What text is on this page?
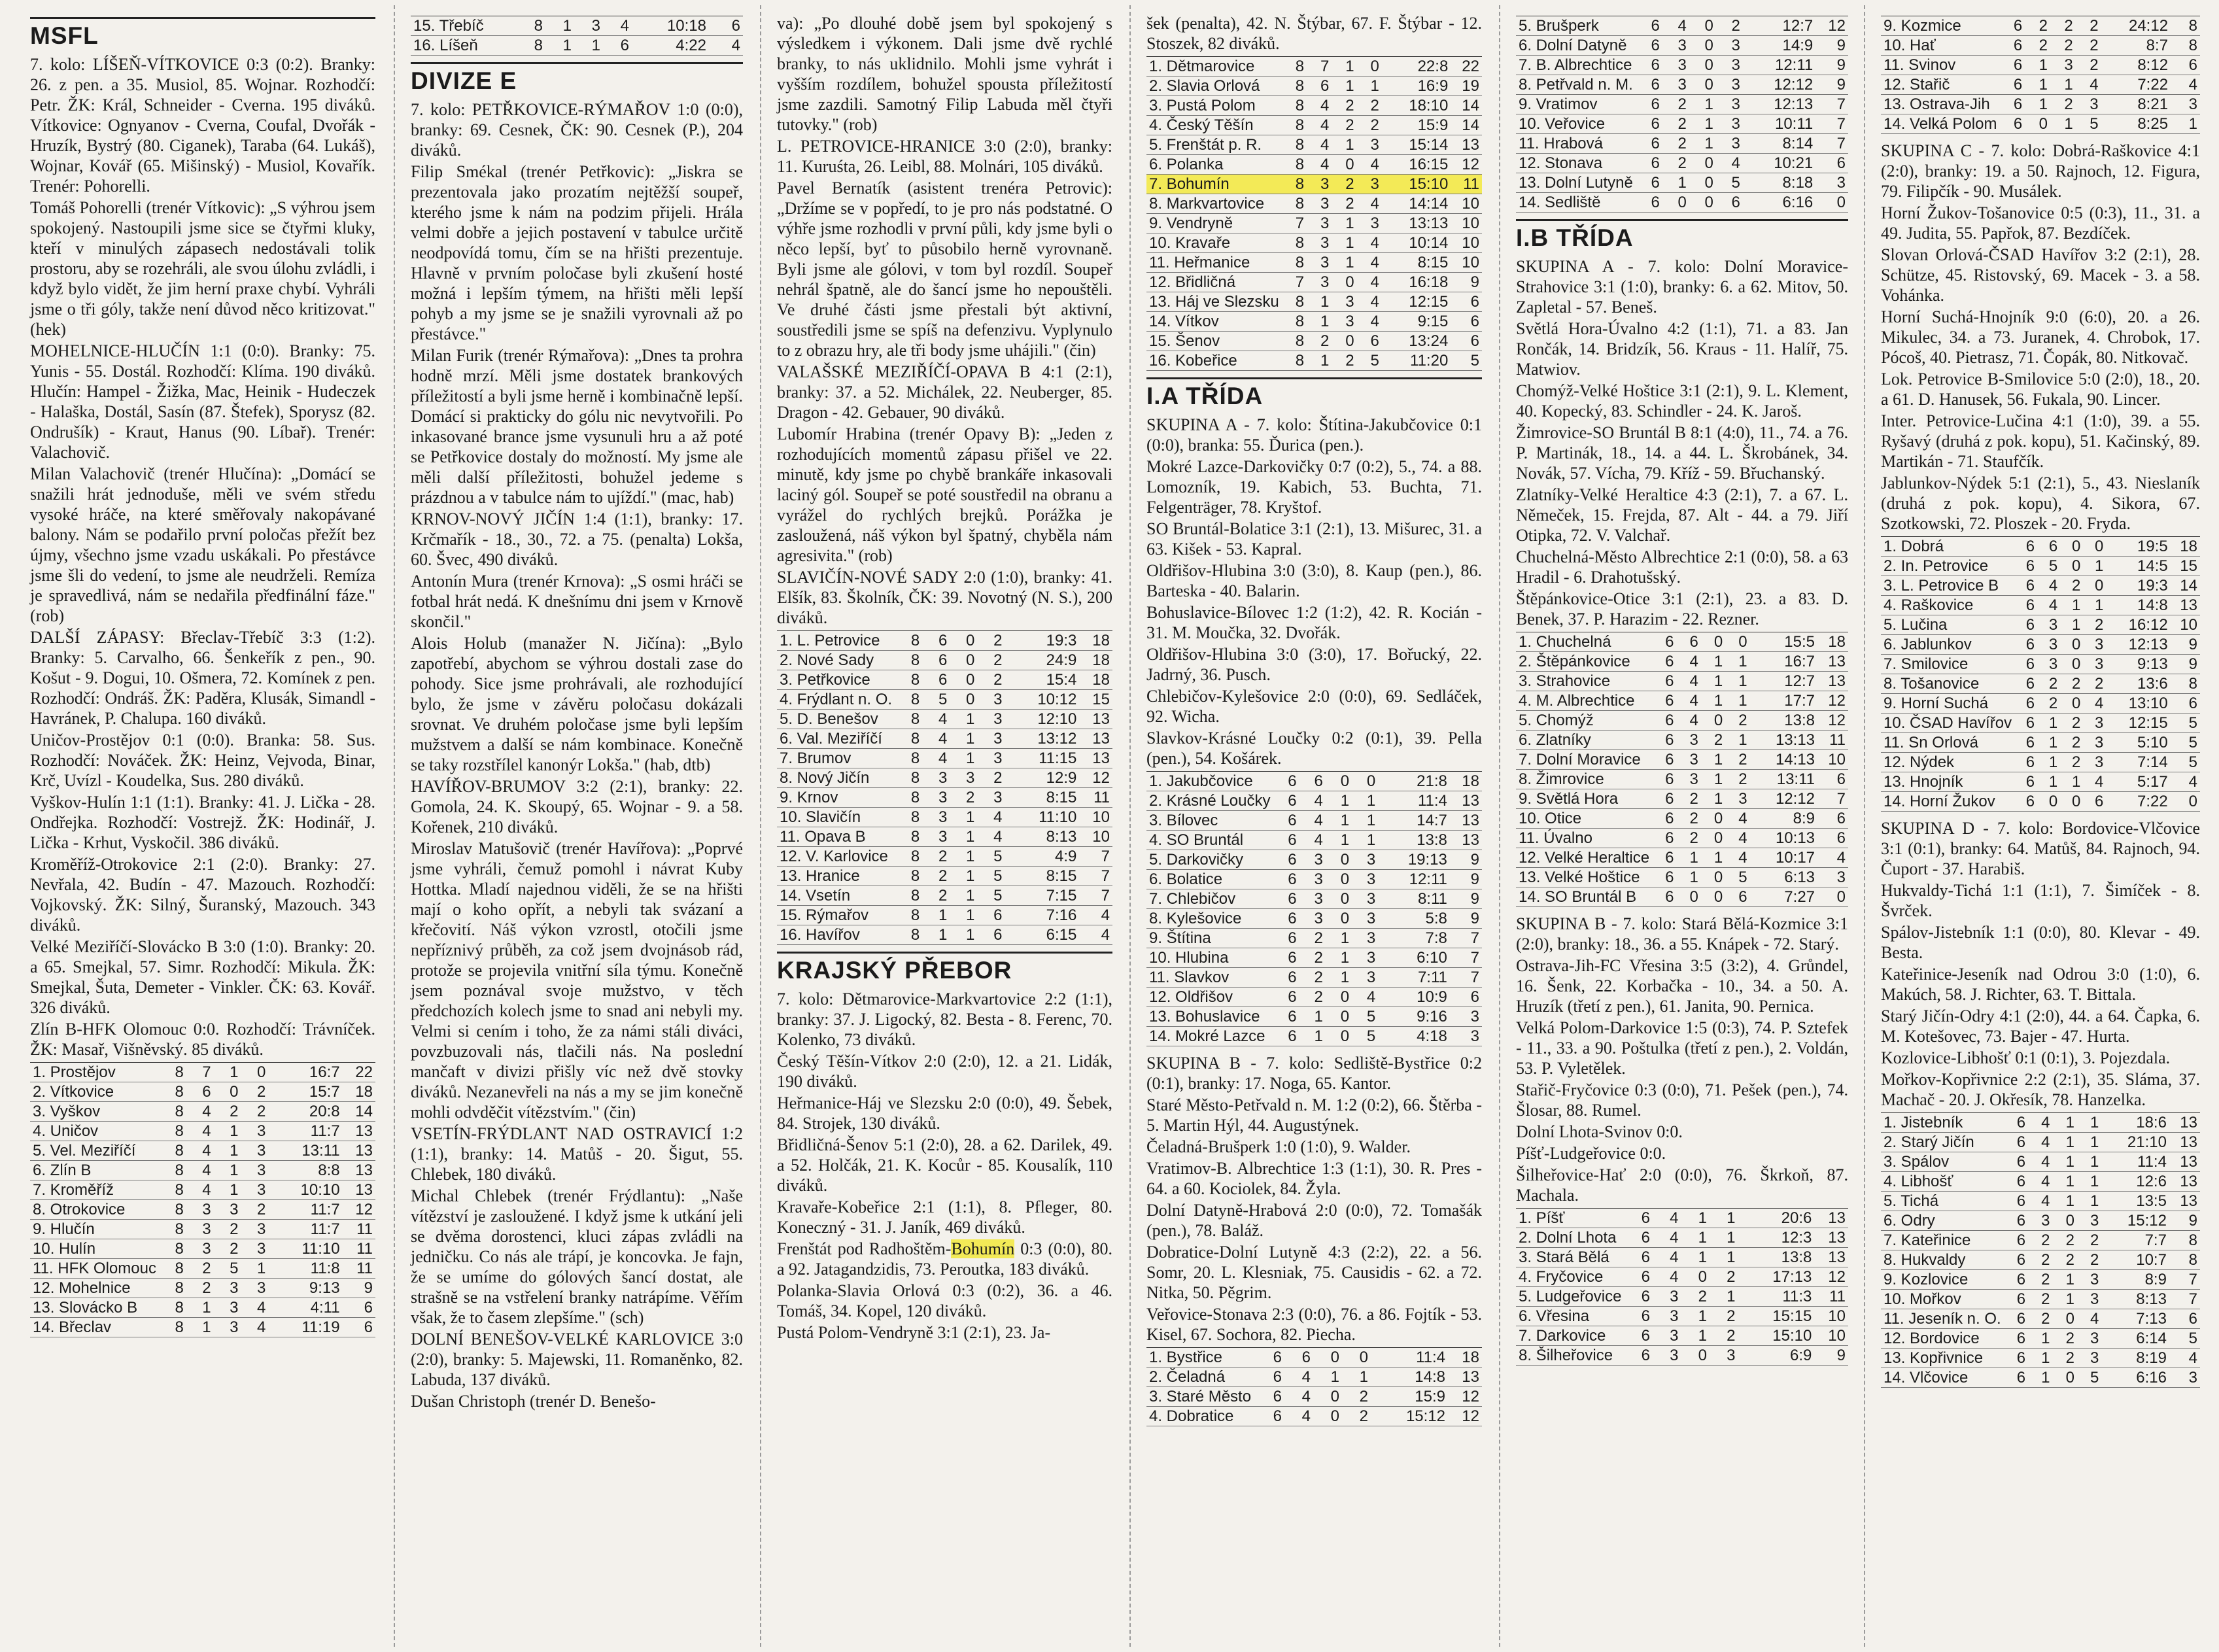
MSFL

7. kolo: LÍŠEŇ-VÍTKOVICE 0:3 (0:2). Branky: 26. z pen. a 35. Musiol, 85. Wojnar. Rozhodčí: Petr. ŽK: Král, Schneider - Cverna. 195 diváků. Vítkovice: Ognyanov - Cverna, Coufal, Dvořák - Hruzík, Bystrý (80. Ciganek), Taraba (64. Lukáš), Wojnar, Kovář (65. Mišinský) - Musiol, Kovařík. Trenér: Pohorelli.

Tomáš Pohorelli (trenér Vítkovic): „S výhrou jsem spokojený. Nastoupili jsme sice se čtyřmi kluky, kteří v minulých zápasech nedostávali tolik prostoru, aby se rozehráli, ale svou úlohu zvládli, i když bylo vidět, že jim herní praxe chybí. Vyhráli jsme o tři góly, takže není důvod něco kritizovat." (hek)

MOHELNICE-HLUČÍN 1:1 (0:0). Branky: 75. Yunis - 55. Dostál. Rozhodčí: Klíma. 190 diváků. Hlučín: Hampel - Žižka, Mac, Heinik - Hudeczek - Halaška, Dostál, Sasín (87. Štefek), Sporysz (82. Ondrušík) - Kraut, Hanus (90. Líbař). Trenér: Valachovič.

Milan Valachovič (trenér Hlučína): „Domácí se snažili hrát jednoduše, měli ve svém středu vysoké hráče, na které směřovaly nakopávané balony. Nám se podařilo první poločas přežít bez újmy, všechno jsme vzadu uskákali. Po přestávce jsme šli do vedení, to jsme ale neudrželi. Remíza je spravedlivá, nám se nedařila předfinální fáze." (rob)

DALŠÍ ZÁPASY: Břeclav-Třebíč 3:3 (1:2). Branky: 5. Carvalho, 66. Šenkeřík z pen., 90. Košut - 9. Dogui, 10. Ošmera, 72. Komínek z pen. Rozhodčí: Ondráš. ŽK: Paděra, Klusák, Simandl - Havránek, P. Chalupa. 160 diváků.

Uničov-Prostějov 0:1 (0:0). Branka: 58. Sus. Rozhodčí: Nováček. ŽK: Heinz, Vejvoda, Binar, Krč, Uvízl - Koudelka, Sus. 280 diváků.

Vyškov-Hulín 1:1 (1:1). Branky: 41. J. Lička - 28. Ondřejka. Rozhodčí: Vostrejž. ŽK: Hodinář, J. Lička - Krhut, Vyskočil. 386 diváků.

Kroměříž-Otrokovice 2:1 (2:0). Branky: 27. Nevřala, 42. Budín - 47. Mazouch. Rozhodčí: Vojkovský. ŽK: Silný, Šuranský, Mazouch. 343 diváků.

Velké Meziříčí-Slovácko B 3:0 (1:0). Branky: 20. a 65. Smejkal, 57. Simr. Rozhodčí: Mikula. ŽK: Smejkal, Šuta, Demeter - Vinkler. ČK: 63. Kovář. 326 diváků.

Zlín B-HFK Olomouc 0:0. Rozhodčí: Trávníček. ŽK: Masař, Višněvský. 85 diváků.

1. Prostějov	8	7	1	0	16:7	22
2. Vítkovice	8	6	0	2	15:7	18
3. Vyškov	8	4	2	2	20:8	14
4. Uničov	8	4	1	3	11:7	13
5. Vel. Meziříčí	8	4	1	3	13:11	13
6. Zlín B	8	4	1	3	8:8	13
7. Kroměříž	8	4	1	3	10:10	13
8. Otrokovice	8	3	3	2	11:7	12
9. Hlučín	8	3	2	3	11:7	11
10. Hulín	8	3	2	3	11:10	11
11. HFK Olomouc	8	2	5	1	11:8	11
12. Mohelnice	8	2	3	3	9:13	9
13. Slovácko B	8	1	3	4	4:11	6
14. Břeclav	8	1	3	4	11:19	6
15. Třebíč	8	1	3	4	10:18	6
16. Líšeň	8	1	1	6	4:22	4
DIVIZE E

7. kolo: PETŘKOVICE-RÝMAŘOV 1:0 (0:0), branky: 69. Cesnek, ČK: 90. Cesnek (P.), 204 diváků.

Filip Smékal (trenér Petřkovic): „Jiskra se prezentovala jako prozatím nejtěžší soupeř, kterého jsme k nám na podzim přijeli. Hrála velmi dobře a jejich postavení v tabulce určitě neodpovídá tomu, čím se na hřišti prezentuje. Hlavně v prvním poločase byli zkušení hosté možná i lepším týmem, na hřišti měli lepší pohyb a my jsme se je snažili vyrovnali až po přestávce."

Milan Furik (trenér Rýmařova): „Dnes ta prohra hodně mrzí. Měli jsme dostatek brankových příležitostí a byli jsme herně i kombinačně lepší. Domácí si prakticky do gólu nic nevytvořili. Po inkasované brance jsme vysunuli hru a až poté se Petřkovice dostaly do možností. My jsme ale měli další příležitosti, bohužel jedeme s prázdnou a v tabulce nám to ujíždí." (mac, hab)

KRNOV-NOVÝ JIČÍN 1:4 (1:1), branky: 17. Krčmařík - 18., 30., 72. a 75. (penalta) Lokša, 60. Švec, 490 diváků.

Antonín Mura (trenér Krnova): „S osmi hráči se fotbal hrát nedá. K dnešnímu dni jsem v Krnově skončil."

Alois Holub (manažer N. Jičína): „Bylo zapotřebí, abychom se výhrou dostali zase do pohody. Sice jsme prohrávali, ale rozhodující bylo, že jsme v závěru poločasu dokázali srovnat. Ve druhém poločase jsme byli lepším mužstvem a další se nám kombinace. Konečně se taky rozstřílel kanonýr Lokša." (hab, dtb)

HAVÍŘOV-BRUMOV 3:2 (2:1), branky: 22. Gomola, 24. K. Skoupý, 65. Wojnar - 9. a 58. Kořenek, 210 diváků.

Miroslav Matušovič (trenér Havířova): „Poprvé jsme vyhráli, čemuž pomohl i návrat Kuby Hottka. Mladí najednou viděli, že se na hřišti mají o koho opřít, a nebyli tak svázaní a křečovití. Náš výkon vzrostl, otočili jsme nepříznivý průběh, za což jsem dvojnásob rád, protože se projevila vnitřní síla týmu. Konečně jsem poznával svoje mužstvo, v těch předchozích kolech jsme to snad ani nebyli my. Velmi si cením i toho, že za námi stáli diváci, povzbuzovali nás, tlačili nás. Na poslední mančaft v divizi přišly víc než dvě stovky diváků. Nezanevřeli na nás a my se jim konečně mohli odvděčit vítězstvím." (čin)

VSETÍN-FRÝDLANT NAD OSTRAVICÍ 1:2 (1:1), branky: 14. Matůš - 20. Šigut, 55. Chlebek, 180 diváků.

Michal Chlebek (trenér Frýdlantu): „Naše vítězství je zasloužené. I když jsme k utkání jeli se dvěma dorostenci, kluci zápas zvládli na jedničku. Co nás ale trápí, je koncovka. Je fajn, že se umíme do gólových šancí dostat, ale strašně se na vstřelení branky natrápíme. Věřím však, že to časem zlepšíme." (sch)

DOLNÍ BENEŠOV-VELKÉ KARLOVICE 3:0 (2:0), branky: 5. Majewski, 11. Romaněnko, 82. Labuda, 137 diváků.

Dušan Christoph (trenér D. Benešo-

va): „Po dlouhé době jsem byl spokojený s výsledkem i výkonem. Dali jsme dvě rychlé branky, to nás uklidnilo. Mohli jsme vyhrát i vyšším rozdílem, bohužel spousta příležitostí jsme zazdili. Samotný Filip Labuda měl čtyři tutovky." (rob)

L. PETROVICE-HRANICE 3:0 (2:0), branky: 11. Kuruśta, 26. Leibl, 88. Molnári, 105 diváků.

Pavel Bernatík (asistent trenéra Petrovic): „Držíme se v popředí, to je pro nás podstatné. O výhře jsme rozhodli v první půli, kdy jsme byli o něco lepší, byť to působilo herně vyrovnaně. Byli jsme ale gólovi, v tom byl rozdíl. Soupeř nehrál špatně, ale do šancí jsme ho nepouštěli. Ve druhé části jsme přestali být aktivní, soustředili jsme se spíš na defenzivu. Vyplynulo to z obrazu hry, ale tři body jsme uhájili." (čin)

VALAŠSKÉ MEZIŘÍČÍ-OPAVA B 4:1 (2:1), branky: 37. a 52. Michálek, 22. Neuberger, 85. Dragon - 42. Gebauer, 90 diváků.

Lubomír Hrabina (trenér Opavy B): „Jeden z rozhodujících momentů zápasu přišel ve 22. minutě, kdy jsme po chybě brankáře inkasovali laciný gól. Soupeř se poté soustředil na obranu a vyrážel do rychlých brejků. Porážka je zasloužená, náš výkon byl špatný, chyběla nám agresivita." (rob)

SLAVIČÍN-NOVÉ SADY 2:0 (1:0), branky: 41. Elšík, 83. Školník, ČK: 39. Novotný (N. S.), 200 diváků.

1. L. Petrovice	8	6	0	2	19:3	18
2. Nové Sady	8	6	0	2	24:9	18
3. Petřkovice	8	6	0	2	15:4	18
4. Frýdlant n. O.	8	5	0	3	10:12	15
5. D. Benešov	8	4	1	3	12:10	13
6. Val. Meziříčí	8	4	1	3	13:12	13
7. Brumov	8	4	1	3	11:15	13
8. Nový Jičín	8	3	3	2	12:9	12
9. Krnov	8	3	2	3	8:15	11
10. Slavičín	8	3	1	4	11:10	10
11. Opava B	8	3	1	4	8:13	10
12. V. Karlovice	8	2	1	5	4:9	7
13. Hranice	8	2	1	5	8:15	7
14. Vsetín	8	2	1	5	7:15	7
15. Rýmařov	8	1	1	6	7:16	4
16. Havířov	8	1	1	6	6:15	4
KRAJSKÝ PŘEBOR

7. kolo: Dětmarovice-Markvartovice 2:2 (1:1), branky: 37. J. Ligocký, 82. Besta - 8. Ferenc, 70. Kolenko, 73 diváků.

Český Těšín-Vítkov 2:0 (2:0), 12. a 21. Lidák, 190 diváků.

Heřmanice-Háj ve Slezsku 2:0 (0:0), 49. Šebek, 84. Strojek, 130 diváků.

Břidličná-Šenov 5:1 (2:0), 28. a 62. Darilek, 49. a 52. Holčák, 21. K. Kocůr - 85. Kousalík, 110 diváků.

Kravaře-Kobeřice 2:1 (1:1), 8. Pfleger, 80. Koneczný - 31. J. Janík, 469 diváků.

Frenštát pod Radhoštěm-Bohumín 0:3 (0:0), 80. a 92. Jatagandzidis, 73. Peroutka, 183 diváků.

Polanka-Slavia Orlová 0:3 (0:2), 36. a 46. Tomáš, 34. Kopel, 120 diváků.

Pustá Polom-Vendryně 3:1 (2:1), 23. Ja-

šek (penalta), 42. N. Štýbar, 67. F. Štýbar - 12. Stoszek, 82 diváků.

1. Dětmarovice	8	7	1	0	22:8	22
2. Slavia Orlová	8	6	1	1	16:9	19
3. Pustá Polom	8	4	2	2	18:10	14
4. Český Těšín	8	4	2	2	15:9	14
5. Frenštát p. R.	8	4	1	3	15:14	13
6. Polanka	8	4	0	4	16:15	12
7. Bohumín	8	3	2	3	15:10	11
8. Markvartovice	8	3	2	4	14:14	10
9. Vendryně	7	3	1	3	13:13	10
10. Kravaře	8	3	1	4	10:14	10
11. Heřmanice	8	3	1	4	8:15	10
12. Břidličná	7	3	0	4	16:18	9
13. Háj ve Slezsku	8	1	3	4	12:15	6
14. Vítkov	8	1	3	4	9:15	6
15. Šenov	8	2	0	6	13:24	6
16. Kobeřice	8	1	2	5	11:20	5
I.A TŘÍDA

SKUPINA A - 7. kolo: Štítina-Jakubčovice 0:1 (0:0), branka: 55. Ďurica (pen.).

Mokré Lazce-Darkovičky 0:7 (0:2), 5., 74. a 88. Lomozník, 19. Kabich, 53. Buchta, 71. Felgenträger, 78. Kryštof.

SO Bruntál-Bolatice 3:1 (2:1), 13. Mišurec, 31. a 63. Kišek - 53. Kapral.

Oldřišov-Hlubina 3:0 (3:0), 8. Kaup (pen.), 86. Barteska - 40. Balarin.

Bohuslavice-Bílovec 1:2 (1:2), 42. R. Kocián - 31. M. Moučka, 32. Dvořák.

Oldřišov-Hlubina 3:0 (3:0), 17. Bořucký, 22. Jadrný, 36. Pusch.

Chlebičov-Kylešovice 2:0 (0:0), 69. Sedláček, 92. Wicha.

Slavkov-Krásné Loučky 0:2 (0:1), 39. Pella (pen.), 54. Košárek.

1. Jakubčovice	6	6	0	0	21:8	18
2. Krásné Loučky	6	4	1	1	11:4	13
3. Bílovec	6	4	1	1	14:7	13
4. SO Bruntál	6	4	1	1	13:8	13
5. Darkovičky	6	3	0	3	19:13	9
6. Bolatice	6	3	0	3	12:11	9
7. Chlebičov	6	3	0	3	8:11	9
8. Kylešovice	6	3	0	3	5:8	9
9. Štítina	6	2	1	3	7:8	7
10. Hlubina	6	2	1	3	6:10	7
11. Slavkov	6	2	1	3	7:11	7
12. Oldřišov	6	2	0	4	10:9	6
13. Bohuslavice	6	1	0	5	9:16	3
14. Mokré Lazce	6	1	0	5	4:18	3

SKUPINA B - 7. kolo: Sedliště-Bystřice 0:2 (0:1), branky: 17. Noga, 65. Kantor.

Staré Město-Petřvald n. M. 1:2 (0:2), 66. Štěrba - 5. Martin Hýl, 44. Augustýnek.

Čeladná-Brušperk 1:0 (1:0), 9. Walder.

Vratimov-B. Albrechtice 1:3 (1:1), 30. R. Pres - 64. a 60. Kociolek, 84. Žyla.

Dolní Datyně-Hrabová 2:0 (0:0), 72. Tomašák (pen.), 78. Baláž.

Dobratice-Dolní Lutyně 4:3 (2:2), 22. a 56. Somr, 20. L. Klesniak, 75. Causidis - 62. a 72. Nitka, 50. Pěgrim.

Veřovice-Stonava 2:3 (0:0), 76. a 86. Fojtík - 53. Kisel, 67. Sochora, 82. Piecha.

1. Bystřice	6	6	0	0	11:4	18
2. Čeladná	6	4	1	1	14:8	13
3. Staré Město	6	4	0	2	15:9	12
4. Dobratice	6	4	0	2	15:12	12
5. Brušperk	6	4	0	2	12:7	12
6. Dolní Datyně	6	3	0	3	14:9	9
7. B. Albrechtice	6	3	0	3	12:11	9
8. Petřvald n. M.	6	3	0	3	12:12	9
9. Vratimov	6	2	1	3	12:13	7
10. Veřovice	6	2	1	3	10:11	7
11. Hrabová	6	2	1	3	8:14	7
12. Stonava	6	2	0	4	10:21	6
13. Dolní Lutyně	6	1	0	5	8:18	3
14. Sedliště	6	0	0	6	6:16	0
I.B TŘÍDA

SKUPINA A - 7. kolo: Dolní Moravice-Strahovice 3:1 (1:0), branky: 6. a 62. Mitov, 50. Zapletal - 57. Beneš.

Světlá Hora-Úvalno 4:2 (1:1), 71. a 83. Jan Rončák, 14. Bridzík, 56. Kraus - 11. Halíř, 75. Matwiov.

Chomýž-Velké Hoštice 3:1 (2:1), 9. L. Klement, 40. Kopecký, 83. Schindler - 24. K. Jaroš.

Žimrovice-SO Bruntál B 8:1 (4:0), 11., 74. a 76. P. Martinák, 18., 14. a 44. L. Škrobánek, 34. Novák, 57. Vícha, 79. Kříž - 59. Břuchanský.

Zlatníky-Velké Heraltice 4:3 (2:1), 7. a 67. L. Němeček, 15. Frejda, 87. Alt - 44. a 79. Jiří Otipka, 72. V. Valchař.

Chuchelná-Město Albrechtice 2:1 (0:0), 58. a 63 Hradil - 6. Drahotušský.

Štěpánkovice-Otice 3:1 (2:1), 23. a 83. D. Benek, 37. P. Harazim - 22. Rezner.

1. Chuchelná	6	6	0	0	15:5	18
2. Štěpánkovice	6	4	1	1	16:7	13
3. Strahovice	6	4	1	1	12:7	13
4. M. Albrechtice	6	4	1	1	17:7	12
5. Chomýž	6	4	0	2	13:8	12
6. Zlatníky	6	3	2	1	13:13	11
7. Dolní Moravice	6	3	1	2	14:13	10
8. Žimrovice	6	3	1	2	13:11	6
9. Světlá Hora	6	2	1	3	12:12	7
10. Otice	6	2	0	4	8:9	6
11. Úvalno	6	2	0	4	10:13	6
12. Velké Heraltice	6	1	1	4	10:17	4
13. Velké Hoštice	6	1	0	5	6:13	3
14. SO Bruntál B	6	0	0	6	7:27	0

SKUPINA B - 7. kolo: Stará Bělá-Kozmice 3:1 (2:0), branky: 18., 36. a 55. Knápek - 72. Starý.

Ostrava-Jih-FC Vřesina 3:5 (3:2), 4. Grůndel, 16. Šenk, 22. Korbačka - 10., 34. a 50. A. Hruzík (třetí z pen.), 61. Janita, 90. Pernica.

Velká Polom-Darkovice 1:5 (0:3), 74. P. Sztefek - 11., 33. a 90. Poštulka (třetí z pen.), 2. Voldán, 53. P. Vyletělek.

Stařič-Fryčovice 0:3 (0:0), 71. Pešek (pen.), 74. Šlosar, 88. Rumel.

Dolní Lhota-Svinov 0:0.

Píšť-Ludgeřovice 0:0.

Šilheřovice-Hať 2:0 (0:0), 76. Škrkoň, 87. Machala.

1. Píšť	6	4	1	1	20:6	13
2. Dolní Lhota	6	4	1	1	12:3	13
3. Stará Bělá	6	4	1	1	13:8	13
4. Fryčovice	6	4	0	2	17:13	12
5. Ludgeřovice	6	3	2	1	11:3	11
6. Vřesina	6	3	1	2	15:15	10
7. Darkovice	6	3	1	2	15:10	10
8. Šilheřovice	6	3	0	3	6:9	9
9. Kozmice	6	2	2	2	24:12	8
10. Hať	6	2	2	2	8:7	8
11. Svinov	6	1	3	2	8:12	6
12. Stařič	6	1	1	4	7:22	4
13. Ostrava-Jih	6	1	2	3	8:21	3
14. Velká Polom	6	0	1	5	8:25	1

SKUPINA C - 7. kolo: Dobrá-Raškovice 4:1 (2:0), branky: 19. a 50. Rajnoch, 12. Figura, 79. Filipčík - 90. Musálek.

Horní Žukov-Tošanovice 0:5 (0:3), 11., 31. a 49. Judita, 55. Papřok, 87. Bezdíček.

Slovan Orlová-ČSAD Havířov 3:2 (2:1), 28. Schütze, 45. Ristovský, 69. Macek - 3. a 58. Vohánka.

Horní Suchá-Hnojník 9:0 (6:0), 20. a 26. Mikulec, 34. a 73. Juranek, 4. Chrobok, 17. Pócoš, 40. Pietrasz, 71. Čopák, 80. Nitkovač.

Lok. Petrovice B-Smilovice 5:0 (2:0), 18., 20. a 61. D. Hanusek, 56. Fukala, 90. Lincer.

Inter. Petrovice-Lučina 4:1 (1:0), 39. a 55. Ryšavý (druhá z pok. kopu), 51. Kačinský, 89. Martikán - 71. Staufčík.

Jablunkov-Nýdek 5:1 (2:1), 5., 43. Nieslaník (druhá z pok. kopu), 4. Sikora, 67. Szotkowski, 72. Ploszek - 20. Fryda.

1. Dobrá	6	6	0	0	19:5	18
2. In. Petrovice	6	5	0	1	14:5	15
3. L. Petrovice B	6	4	2	0	19:3	14
4. Raškovice	6	4	1	1	14:8	13
5. Lučina	6	3	1	2	16:12	10
6. Jablunkov	6	3	0	3	12:13	9
7. Smilovice	6	3	0	3	9:13	9
8. Tošanovice	6	2	2	2	13:6	8
9. Horní Suchá	6	2	0	4	13:10	6
10. ČSAD Havířov	6	1	2	3	12:15	5
11. Sn Orlová	6	1	2	3	5:10	5
12. Nýdek	6	1	2	3	7:14	5
13. Hnojník	6	1	1	4	5:17	4
14. Horní Žukov	6	0	0	6	7:22	0

SKUPINA D - 7. kolo: Bordovice-Vlčovice 3:1 (0:1), branky: 64. Matůš, 84. Rajnoch, 94. Čuport - 37. Harabiš.

Hukvaldy-Tichá 1:1 (1:1), 7. Šimíček - 8. Švrček.

Spálov-Jistebník 1:1 (0:0), 80. Klevar - 49. Besta.

Kateřinice-Jeseník nad Odrou 3:0 (1:0), 6. Makúch, 58. J. Richter, 63. T. Bittala.

Starý Jičín-Odry 4:1 (2:0), 44. a 64. Čapka, 6. M. Kotešovec, 73. Bajer - 47. Hurta.

Kozlovice-Libhošť 0:1 (0:1), 3. Pojezdala.

Mořkov-Kopřivnice 2:2 (2:1), 35. Sláma, 37. Machač - 20. J. Okřesík, 78. Hanzelka.

1. Jistebník	6	4	1	1	18:6	13
2. Starý Jičín	6	4	1	1	21:10	13
3. Spálov	6	4	1	1	11:4	13
4. Libhošť	6	4	1	1	12:6	13
5. Tichá	6	4	1	1	13:5	13
6. Odry	6	3	0	3	15:12	9
7. Kateřinice	6	2	2	2	7:7	8
8. Hukvaldy	6	2	2	2	10:7	8
9. Kozlovice	6	2	1	3	8:9	7
10. Mořkov	6	2	1	3	8:13	7
11. Jeseník n. O.	6	2	0	4	7:13	6
12. Bordovice	6	1	2	3	6:14	5
13. Kopřivnice	6	1	2	3	8:19	4
14. Vlčovice	6	1	0	5	6:16	3
